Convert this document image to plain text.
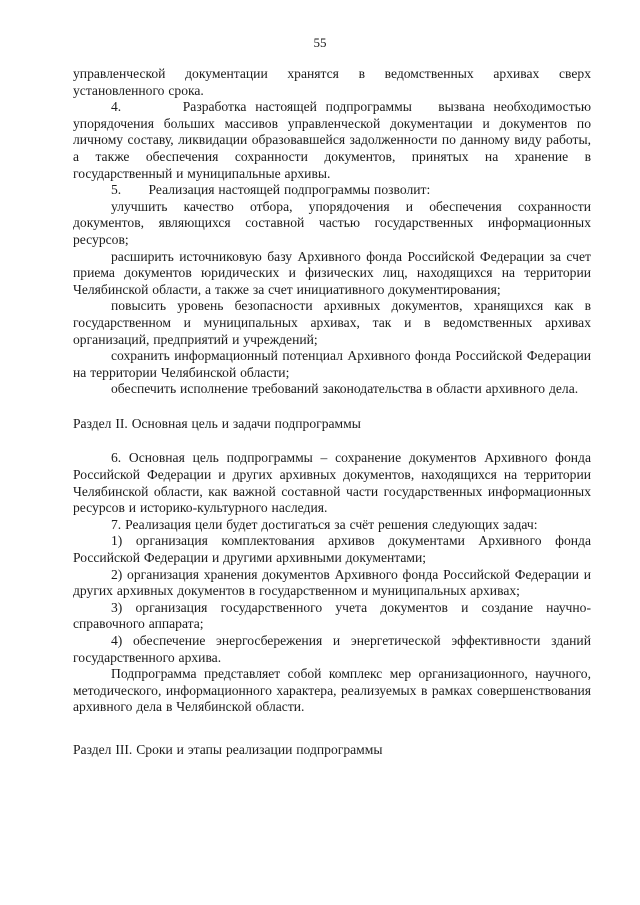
55

управленческой документации хранятся в ведомственных архивах сверх установленного срока.

4.       Разработка настоящей подпрограммы   вызвана необходимостью упорядочения больших массивов управленческой документации и документов по личному составу, ликвидации образовавшейся задолженности по данному виду работы, а также обеспечения сохранности документов, принятых на хранение в государственный и муниципальные архивы.

5.       Реализация настоящей подпрограммы позволит:

улучшить качество отбора, упорядочения и обеспечения сохранности документов, являющихся составной частью государственных информационных ресурсов;

расширить источниковую базу Архивного фонда Российской Федерации за счет приема документов юридических и физических лиц, находящихся на территории Челябинской области, а также за счет инициативного документирования;

повысить уровень безопасности архивных документов, хранящихся как в государственном и муниципальных архивах, так и в ведомственных архивах организаций, предприятий и учреждений;

сохранить информационный потенциал Архивного фонда Российской Федерации на территории Челябинской области;

обеспечить исполнение требований законодательства в области архивного дела.

Раздел II. Основная цель и задачи подпрограммы

6. Основная цель подпрограммы – сохранение документов Архивного фонда Российской Федерации и других архивных документов, находящихся на территории Челябинской области, как важной составной части государственных информационных ресурсов и историко-культурного наследия.

7. Реализация цели будет достигаться за счёт решения следующих задач:

1) организация комплектования архивов документами Архивного фонда Российской Федерации и другими архивными документами;

2) организация хранения документов Архивного фонда Российской Федерации и других архивных документов в государственном и муниципальных архивах;

3) организация государственного учета документов и создание научно-справочного аппарата;

4) обеспечение энергосбережения и энергетической эффективности зданий государственного архива.

Подпрограмма представляет собой комплекс мер организационного, научного, методического, информационного характера, реализуемых в рамках совершенствования архивного дела в Челябинской области.

Раздел III. Сроки и этапы реализации подпрограммы
